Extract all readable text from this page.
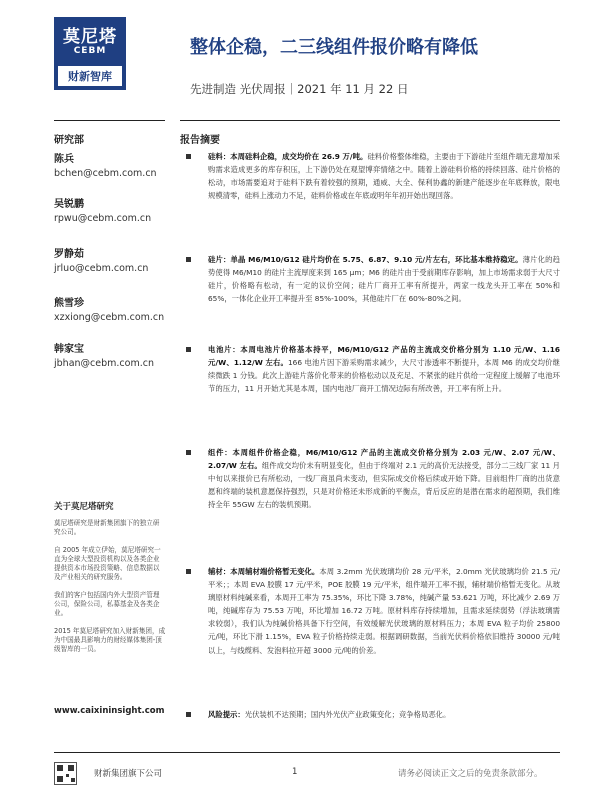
莫尼塔
CEBM
财新智库
整体企稳，二三线组件报价略有降低
先进制造 光伏周报｜2021 年 11 月 22 日
研究部	报告摘要
陈兵
bchen@cebm.com.cn
吴锐鹏
rpwu@cebm.com.cn
罗静茹
jrluo@cebm.com.cn
熊雪珍
xzxiong@cebm.com.cn
韩家宝
jbhan@cebm.com.cn
关于莫尼塔研究

莫尼塔研究是财新集团旗下的独立研究公司。

自 2005 年成立伊始，莫尼塔研究一直为全球大型投资机构以及各类企业提供资本市场投资策略、信息数据以及产业相关的研究服务。

我们的客户包括国内外大型资产管理公司，保险公司，私募基金及各类企业。

2015 年莫尼塔研究加入财新集团，成为中国最具影响力的财经媒体集团-顶级智库的一员。

www.caixininsight.com
硅料：本周硅料企稳，成交均价在 26.9 万/吨。硅料价格整体维稳，主要由于下游硅片至组件端无意增加采购需求造成更多的库存积压，上下游仍处在观望博弈情绪之中。随着上游硅料价格的持续回落、硅片价格的松动，市场需要追对于硅料下跌有着较强的预期，通威、大全、保利协鑫的新建产能逐步在年底释放，限电规模清零，硅料上涨动力不足，硅料价格或在年底或明年年初开始出现回落。
硅片：单晶 M6/M10/G12 硅片均价在 5.75、6.87、9.10 元/片左右，环比基本维持稳定。薄片化的趋势使得 M6/M10 的硅片主流厚度来到 165 μm；M6 的硅片由于受前期库存影响，加上市场需求弱于大尺寸硅片，价格略有松动，有一定的议价空间；硅片厂商开工率有所提升，两家一线龙头开工率在 50%和 65%，一体化企业开工率提升至 85%-100%，其他硅片厂在 60%-80%之间。
电池片：本周电池片价格基本持平，M6/M10/G12 产品的主流成交价格分别为 1.10 元/W、1.16 元/W、1.12/W 左右。166 电池片因下游采购需求减少，大尺寸渗透率不断提升，本周 M6 的成交均价继续微跌 1 分钱。此次上游硅片落价化带来的价格松动以及充足、不紧张的硅片供给一定程度上缓解了电池环节的压力，11 月开始尤其是本周，国内电池厂商开工情况边际有所改善，开工率有所上升。
组件：本周组件价格企稳，M6/M10/G12 产品的主流成交价格分别为 2.03 元/W、2.07 元/W、2.07/W 左右。组件成交均价未有明显变化，但由于终端对 2.1 元的高价无法接受，部分二三线厂家 11 月中旬以来报价已有所松动，一线厂商虽尚未变动，但实际成交价格后续或开始下降。目前组件厂商的出货意愿和终端的装机意愿保持强烈，只是对价格还未形成新的平衡点，背后反应的是潜在需求的超预期，我们维持全年 55GW 左右的装机预期。
辅材：本周辅材端价格暂无变化。本周 3.2mm 光伏玻璃均价 28 元/平米，2.0mm 光伏玻璃均价 21.5 元/平米；；本周 EVA 胶膜 17 元/平米，POE 胶膜 19 元/平米，组件端开工率不振，辅材端价格暂无变化。从玻璃原材料纯碱来看，本周开工率为 75.35%，环比下降 3.78%，纯碱产量 53.621 万吨，环比减少 2.69 万吨，纯碱库存为 75.53 万吨，环比增加 16.72 万吨。原材料库存持续增加，且需求延续弱势（浮法玻璃需求较弱），我们认为纯碱价格具备下行空间，有效缓解光伏玻璃的原材料压力；本周 EVA 粒子均价 25800 元/吨，环比下滑 1.15%，EVA 粒子价格持续走弱。根据调研数据，当前光伏料价格依旧维持 30000 元/吨以上，与线缆料、发泡料拉开超 3000 元/吨的价差。
风险提示：光伏装机不达预期；国内外光伏产业政策变化；竞争格局恶化。
财新集团旗下公司	1	请务必阅读正文之后的免责条款部分。
